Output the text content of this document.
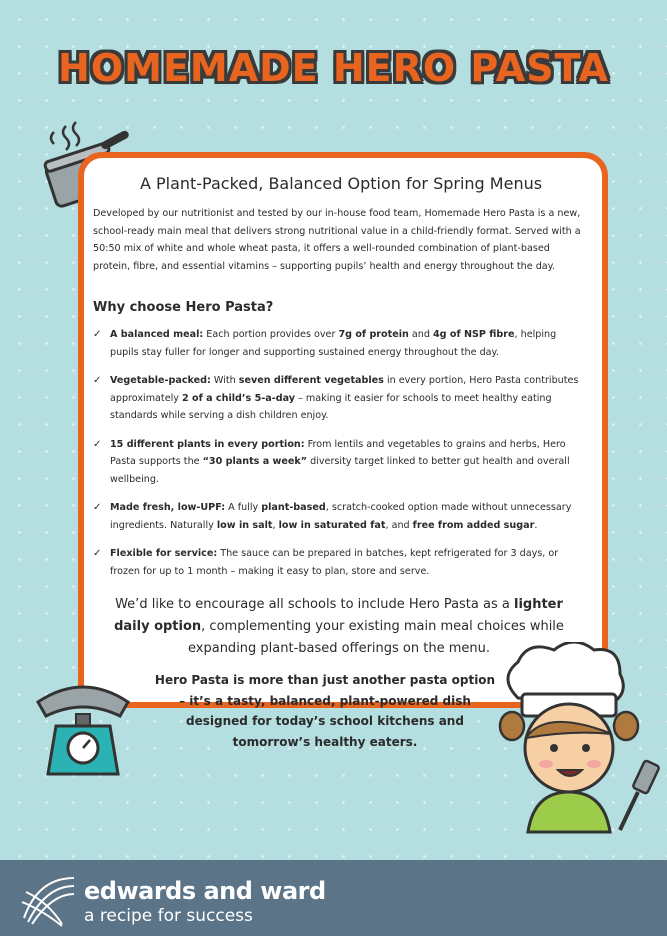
HOMEMADE HERO PASTA

A Plant-Packed, Balanced Option for Spring Menus

Developed by our nutritionist and tested by our in-house food team, Homemade Hero Pasta is a new, school-ready main meal that delivers strong nutritional value in a child-friendly format. Served with a 50:50 mix of white and whole wheat pasta, it offers a well-rounded combination of plant-based protein, fibre, and essential vitamins – supporting pupils’ health and energy throughout the day.

Why choose Hero Pasta?

✓ A balanced meal: Each portion provides over 7g of protein and 4g of NSP fibre, helping pupils stay fuller for longer and supporting sustained energy throughout the day.
✓ Vegetable-packed: With seven different vegetables in every portion, Hero Pasta contributes approximately 2 of a child’s 5-a-day – making it easier for schools to meet healthy eating standards while serving a dish children enjoy.
✓ 15 different plants in every portion: From lentils and vegetables to grains and herbs, Hero Pasta supports the “30 plants a week” diversity target linked to better gut health and overall wellbeing.
✓ Made fresh, low-UPF: A fully plant-based, scratch-cooked option made without unnecessary ingredients. Naturally low in salt, low in saturated fat, and free from added sugar.
✓ Flexible for service: The sauce can be prepared in batches, kept refrigerated for 3 days, or frozen for up to 1 month – making it easy to plan, store and serve.

We’d like to encourage all schools to include Hero Pasta as a lighter daily option, complementing your existing main meal choices while expanding plant-based offerings on the menu.

Hero Pasta is more than just another pasta option – it’s a tasty, balanced, plant-powered dish designed for today’s school kitchens and tomorrow’s healthy eaters.

edwards and ward

a recipe for success
